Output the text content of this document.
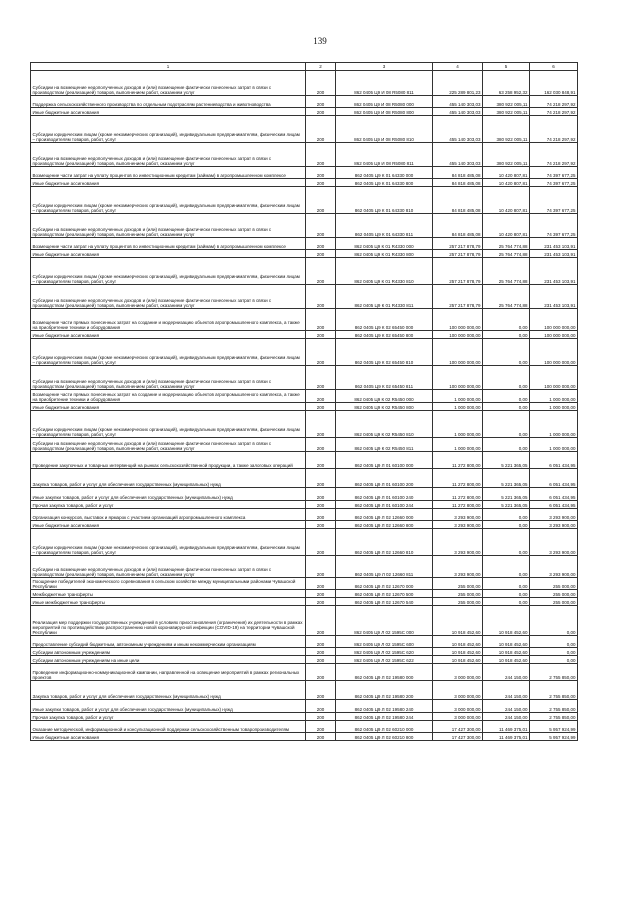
139
1	2	3	4	5	6
Субсидии на возмещение недополученных доходов и (или) возмещение фактически понесенных затрат в связи с производством (реализацией) товаров, выполнением работ, оказанием услуг	200	862 0405 Ц9 И 08 R5080 811	225 289 801,23	63 258 952,32	162 030 848,91
Поддержка сельскохозяйственного производства по отдельным подотраслям растениеводства и животноводства	200	862 0405 Ц9 И 08 R5080 000	455 140 303,03	380 922 005,11	74 218 297,92
Иные бюджетные ассигнования	200	862 0405 Ц9 И 08 R5080 800	455 140 303,03	380 922 005,11	74 218 297,92
Субсидии юридическим лицам (кроме некоммерческих организаций), индивидуальным предпринимателям, физическим лицам – производителям товаров, работ, услуг	200	862 0405 Ц9 И 08 R5080 810	455 140 303,03	380 922 005,11	74 218 297,92
Субсидии на возмещение недополученных доходов и (или) возмещение фактически понесенных затрат в связи с производством (реализацией) товаров, выполнением работ, оказанием услуг	200	862 0405 Ц9 И 08 R5080 811	455 140 303,03	380 922 005,11	74 218 297,92
Возмещение части затрат на уплату процентов по инвестиционным кредитам (займам) в агропромышленном комплексе	200	862 0405 Ц9 К 01 64330 000	84 818 485,08	10 420 807,81	74 397 677,25
Иные бюджетные ассигнования	200	862 0405 Ц9 К 01 64330 800	84 818 485,08	10 420 807,81	74 397 677,25
Субсидии юридическим лицам (кроме некоммерческих организаций), индивидуальным предпринимателям, физическим лицам – производителям товаров, работ, услуг	200	862 0405 Ц9 К 01 64330 810	84 818 485,08	10 420 807,81	74 397 677,25
Субсидии на возмещение недополученных доходов и (или) возмещение фактически понесенных затрат в связи с производством (реализацией) товаров, выполнением работ, оказанием услуг	200	862 0405 Ц9 К 01 64330 811	84 818 485,08	10 420 807,81	74 397 677,25
Возмещение части затрат на уплату процентов по инвестиционным кредитам (займам) в агропромышленном комплексе	200	862 0405 Ц9 К 01 R4330 000	257 217 878,79	25 764 774,88	231 453 103,91
Иные бюджетные ассигнования	200	862 0405 Ц9 К 01 R4330 800	257 217 878,79	25 764 774,88	231 453 103,91
Субсидии юридическим лицам (кроме некоммерческих организаций), индивидуальным предпринимателям, физическим лицам – производителям товаров, работ, услуг	200	862 0405 Ц9 К 01 R4330 810	257 217 878,79	25 764 774,88	231 453 103,91
Субсидии на возмещение недополученных доходов и (или) возмещение фактически понесенных затрат в связи с производством (реализацией) товаров, выполнением работ, оказанием услуг	200	862 0405 Ц9 К 01 R4330 811	257 217 878,79	25 764 774,88	231 453 103,91
Возмещение части прямых понесенных затрат на создание и модернизацию объектов агропромышленного комплекса, а также на приобретение техники и оборудования	200	862 0405 Ц9 К 02 65450 000	100 000 000,00	0,00	100 000 000,00
Иные бюджетные ассигнования	200	862 0405 Ц9 К 02 65450 800	100 000 000,00	0,00	100 000 000,00
Субсидии юридическим лицам (кроме некоммерческих организаций), индивидуальным предпринимателям, физическим лицам – производителям товаров, работ, услуг	200	862 0405 Ц9 К 02 65450 810	100 000 000,00	0,00	100 000 000,00
Субсидии на возмещение недополученных доходов и (или) возмещение фактически понесенных затрат в связи с производством (реализацией) товаров, выполнением работ, оказанием услуг	200	862 0405 Ц9 К 02 65450 811	100 000 000,00	0,00	100 000 000,00
Возмещение части прямых понесенных затрат на создание и модернизацию объектов агропромышленного комплекса, а также на приобретение техники и оборудования	200	862 0405 Ц9 К 02 R5450 000	1 000 000,00	0,00	1 000 000,00
Иные бюджетные ассигнования	200	862 0405 Ц9 К 02 R5450 800	1 000 000,00	0,00	1 000 000,00
Субсидии юридическим лицам (кроме некоммерческих организаций), индивидуальным предпринимателям, физическим лицам – производителям товаров, работ, услуг	200	862 0405 Ц9 К 02 R5450 810	1 000 000,00	0,00	1 000 000,00
Субсидии на возмещение недополученных доходов и (или) возмещение фактически понесенных затрат в связи с производством (реализацией) товаров, выполнением работ, оказанием услуг	200	862 0405 Ц9 К 02 R5450 811	1 000 000,00	0,00	1 000 000,00
Проведение закупочных и товарных интервенций на рынках сельскохозяйственной продукции, а также залоговых операций	200	862 0405 Ц9 Л 01 60100 000	11 272 800,00	5 221 365,05	6 051 434,95
Закупка товаров, работ и услуг для обеспечения государственных (муниципальных) нужд	200	862 0405 Ц9 Л 01 60100 200	11 272 800,00	5 221 365,05	6 051 434,95
Иные закупки товаров, работ и услуг для обеспечения государственных (муниципальных) нужд	200	862 0405 Ц9 Л 01 60100 240	11 272 800,00	5 221 365,05	6 051 434,95
Прочая закупка товаров, работ и услуг	200	862 0405 Ц9 Л 01 60100 244	11 272 800,00	5 221 365,05	6 051 434,95
Организация конкурсов, выставок и ярмарок с участием организаций агропромышленного комплекса	200	862 0405 Ц9 Л 02 12660 000	3 293 900,00	0,00	3 293 900,00
Иные бюджетные ассигнования	200	862 0405 Ц9 Л 02 12660 800	3 293 900,00	0,00	3 293 900,00
Субсидии юридическим лицам (кроме некоммерческих организаций), индивидуальным предпринимателям, физическим лицам – производителям товаров, работ, услуг	200	862 0405 Ц9 Л 02 12660 810	3 293 900,00	0,00	3 293 900,00
Субсидии на возмещение недополученных доходов и (или) возмещение фактически понесенных затрат в связи с производством (реализацией) товаров, выполнением работ, оказанием услуг	200	862 0405 Ц9 Л 02 12660 811	3 293 900,00	0,00	3 293 900,00
Поощрение победителей экономического соревнования в сельском хозяйстве между муниципальными районами Чувашской Республики	200	862 0405 Ц9 Л 02 12670 000	255 000,00	0,00	255 000,00
Межбюджетные трансферты	200	862 0405 Ц9 Л 02 12670 500	255 000,00	0,00	255 000,00
Иные межбюджетные трансферты	200	862 0405 Ц9 Л 02 12670 540	255 000,00	0,00	255 000,00
Реализация мер поддержки государственных учреждений в условиях приостановления (ограничения) их деятельности в рамках мероприятий по противодействию распространению новой коронавирусной инфекции (COVID-19) на территории Чувашской Республики	200	862 0405 Ц9 Л 02 1595C 000	10 918 452,60	10 918 452,60	0,00
Предоставление субсидий бюджетным, автономным учреждениям и иным некоммерческим организациям	200	862 0405 Ц9 Л 02 1595C 600	10 918 452,60	10 918 452,60	0,00
Субсидии автономным учреждениям	200	862 0405 Ц9 Л 02 1595C 620	10 918 452,60	10 918 452,60	0,00
Субсидии автономным учреждениям на иные цели	200	862 0405 Ц9 Л 02 1595C 622	10 918 452,60	10 918 452,60	0,00
Проведение информационно-коммуникационной кампании, направленной на освещение мероприятий в рамках региональных проектов	200	862 0405 Ц9 Л 02 19580 000	3 000 000,00	244 150,00	2 755 850,00
Закупка товаров, работ и услуг для обеспечения государственных (муниципальных) нужд	200	862 0405 Ц9 Л 02 19580 200	3 000 000,00	244 150,00	2 755 850,00
Иные закупки товаров, работ и услуг для обеспечения государственных (муниципальных) нужд	200	862 0405 Ц9 Л 02 19580 240	3 000 000,00	244 150,00	2 755 850,00
Прочая закупка товаров, работ и услуг	200	862 0405 Ц9 Л 02 19580 244	3 000 000,00	244 150,00	2 755 850,00
Оказание методической, информационной и консультационной поддержки сельскохозяйственным товаропроизводителям	200	862 0405 Ц9 Л 02 60210 000	17 427 300,00	11 469 375,01	5 957 924,99
Иные бюджетные ассигнования	200	862 0405 Ц9 Л 02 60210 800	17 427 300,00	11 469 375,01	5 957 924,99
